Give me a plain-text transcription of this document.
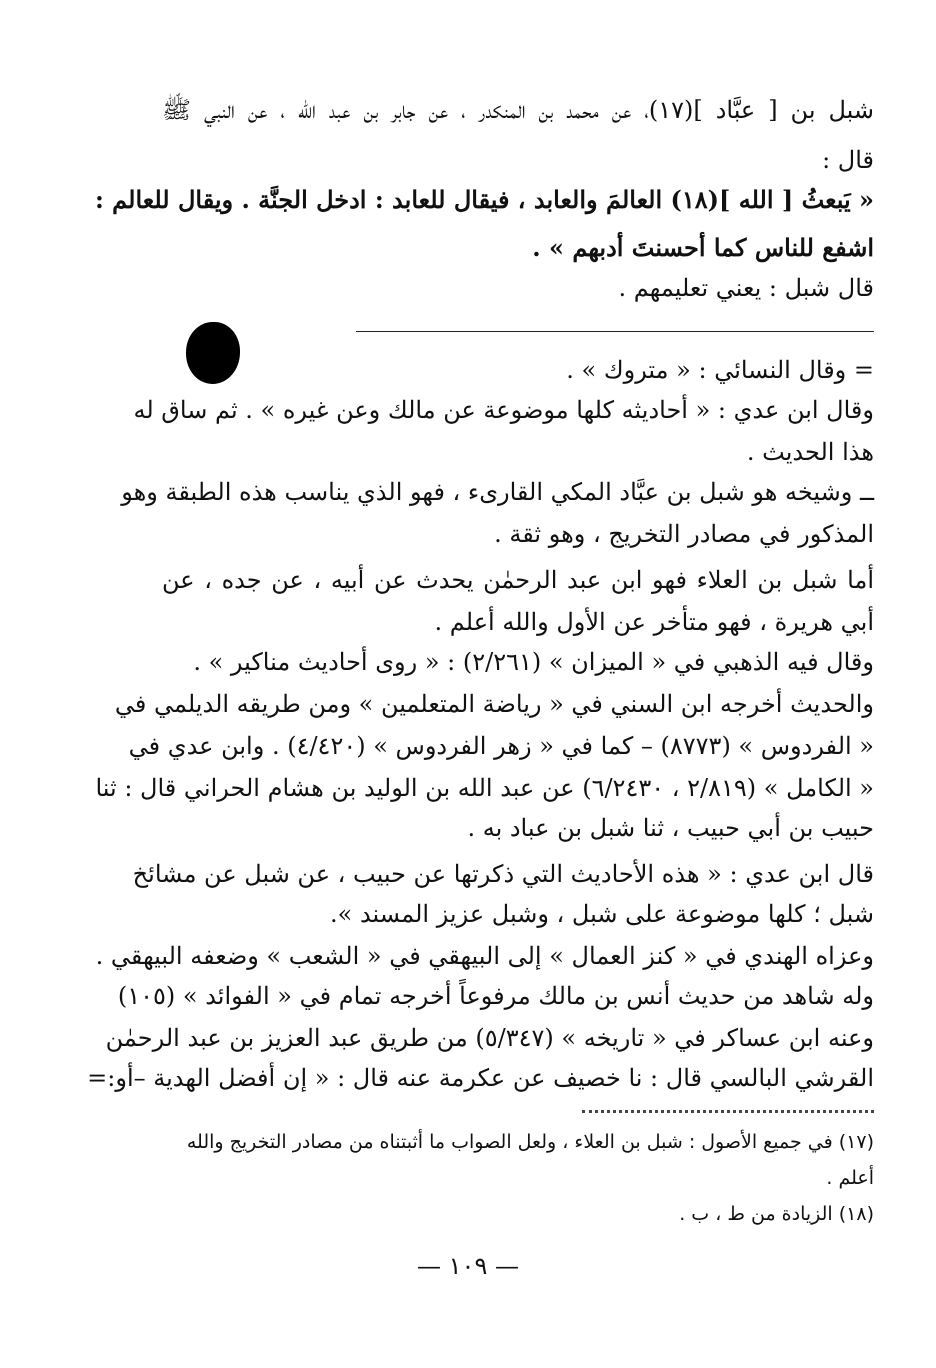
شبل بن [ عبَّاد ](١٧)، عن محمد بن المنكدر ، عن جابر بن عبد الله ، عن النبي ﷺ
قال :
« يَبعثُ [ الله ](١٨) العالمَ والعابد ، فيقال للعابد : ادخل الجنَّة . ويقال للعالم :
اشفع للناس كما أحسنتَ أدبهم » .
قال شبل : يعني تعليمهم .
= وقال النسائي : « متروك » .
وقال ابن عدي : « أحاديثه كلها موضوعة عن مالك وعن غيره » . ثم ساق له
هذا الحديث .
ــ وشيخه هو شبل بن عبَّاد المكي القارىء ، فهو الذي يناسب هذه الطبقة وهو
المذكور في مصادر التخريج ، وهو ثقة .
أما شبل بن العلاء فهو ابن عبد الرحمٰن يحدث عن أبيه ، عن جده ، عن
أبي هريرة ، فهو متأخر عن الأول والله أعلم .
وقال فيه الذهبي في « الميزان » (٢/٢٦١) : « روى أحاديث مناكير » .
والحديث أخرجه ابن السني في « رياضة المتعلمين » ومن طريقه الديلمي في
« الفردوس » (٨٧٧٣) – كما في « زهر الفردوس » (٤/٤٢٠) . وابن عدي في
« الكامل » (٢/٨١٩ ، ٦/٢٤٣٠) عن عبد الله بن الوليد بن هشام الحراني قال : ثنا
حبيب بن أبي حبيب ، ثنا شبل بن عباد به .
قال ابن عدي : « هذه الأحاديث التي ذكرتها عن حبيب ، عن شبل عن مشائخ
شبل ؛ كلها موضوعة على شبل ، وشبل عزيز المسند ».
وعزاه الهندي في « كنز العمال » إلى البيهقي في « الشعب » وضعفه البيهقي .
وله شاهد من حديث أنس بن مالك مرفوعاً أخرجه تمام في « الفوائد » (١٠٥)
وعنه ابن عساكر في « تاريخه » (٥/٣٤٧) من طريق عبد العزيز بن عبد الرحمٰن
القرشي البالسي قال : نا خصيف عن عكرمة عنه قال : « إن أفضل الهدية –أو:=
(١٧) في جميع الأصول : شبل بن العلاء ، ولعل الصواب ما أثبتناه من مصادر التخريج والله
أعلم .
(١٨) الزيادة من ط ، ب .
— ١٠٩ —
